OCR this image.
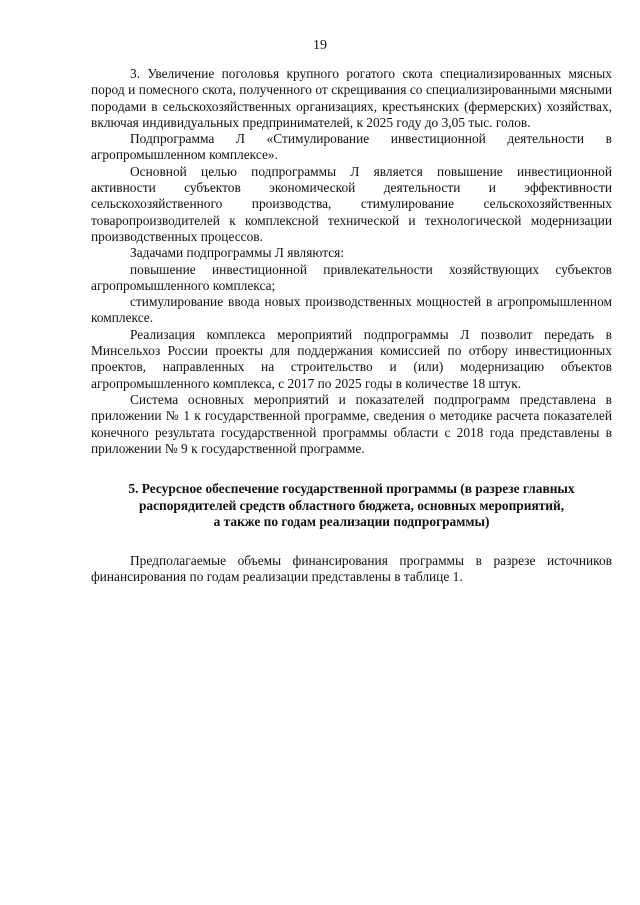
19

3. Увеличение поголовья крупного рогатого скота специализированных мясных пород и помесного скота, полученного от скрещивания со специализированными мясными породами в сельскохозяйственных организациях, крестьянских (фермерских) хозяйствах, включая индивидуальных предпринимателей, к 2025 году до 3,05 тыс. голов.

Подпрограмма Л «Стимулирование инвестиционной деятельности в агропромышленном комплексе».

Основной целью подпрограммы Л является повышение инвестиционной активности субъектов экономической деятельности и эффективности сельскохозяйственного производства, стимулирование сельскохозяйственных товаропроизводителей к комплексной технической и технологической модернизации производственных процессов.

Задачами подпрограммы Л являются:

повышение инвестиционной привлекательности хозяйствующих субъектов агропромышленного комплекса;

стимулирование ввода новых производственных мощностей в агропромышленном комплексе.

Реализация комплекса мероприятий подпрограммы Л позволит передать в Минсельхоз России проекты для поддержания комиссией по отбору инвестиционных проектов, направленных на строительство и (или) модернизацию объектов агропромышленного комплекса, с 2017 по 2025 годы в количестве 18 штук.

Система основных мероприятий и показателей подпрограмм представлена в приложении № 1 к государственной программе, сведения о методике расчета показателей конечного результата государственной программы области с 2018 года представлены в приложении № 9 к государственной программе.

5. Ресурсное обеспечение государственной программы (в разрезе главных
распорядителей средств областного бюджета, основных мероприятий,
а также по годам реализации подпрограммы)

Предполагаемые объемы финансирования программы в разрезе источников финансирования по годам реализации представлены в таблице 1.
